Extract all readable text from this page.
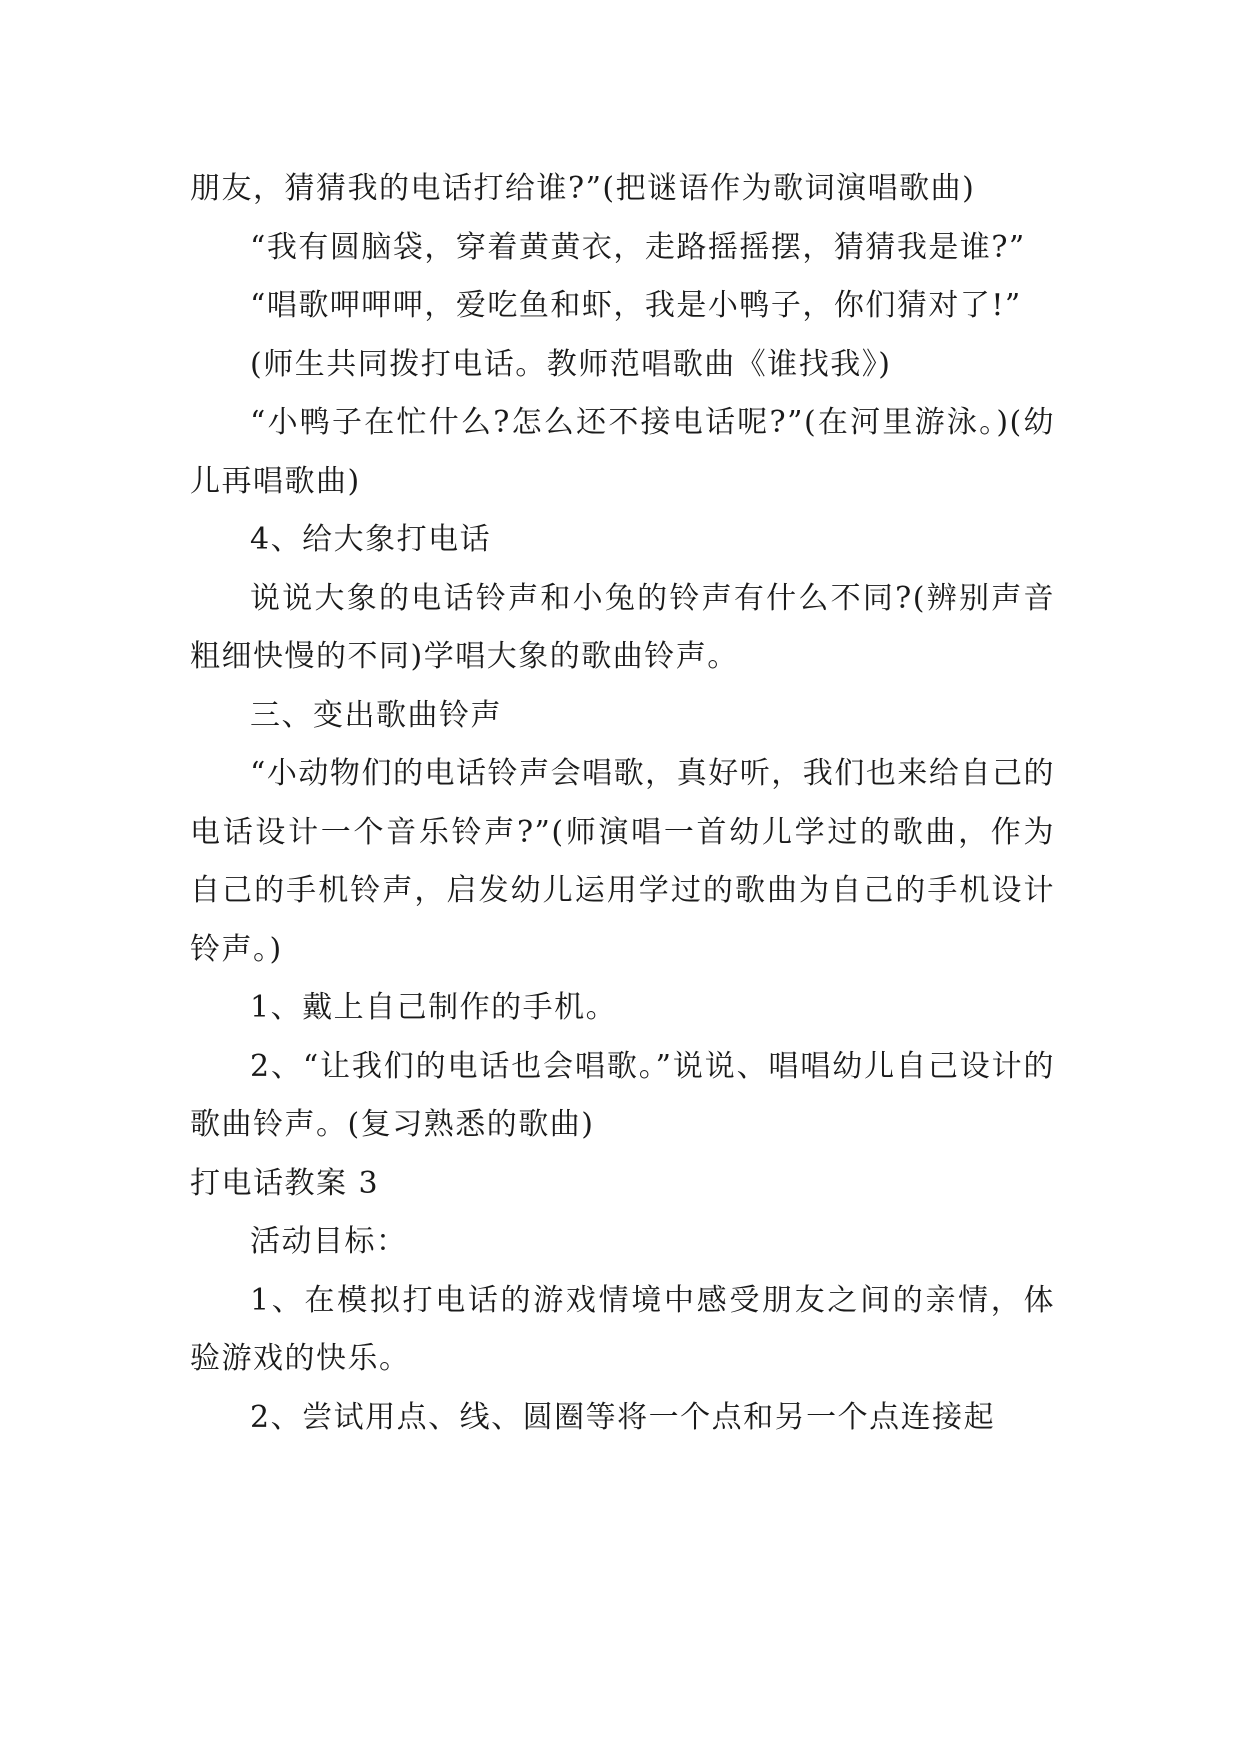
朋友，猜猜我的电话打给谁?”(把谜语作为歌词演唱歌曲)

“我有圆脑袋，穿着黄黄衣，走路摇摇摆，猜猜我是谁?”

“唱歌呷呷呷，爱吃鱼和虾，我是小鸭子，你们猜对了!”

(师生共同拨打电话。教师范唱歌曲《谁找我》)

“小鸭子在忙什么?怎么还不接电话呢?”(在河里游泳。)(幼儿再唱歌曲)

4、给大象打电话

说说大象的电话铃声和小兔的铃声有什么不同?(辨别声音粗细快慢的不同)学唱大象的歌曲铃声。

三、变出歌曲铃声

“小动物们的电话铃声会唱歌，真好听，我们也来给自己的电话设计一个音乐铃声?”(师演唱一首幼儿学过的歌曲，作为自己的手机铃声，启发幼儿运用学过的歌曲为自己的手机设计铃声。)

1、戴上自己制作的手机。

2、“让我们的电话也会唱歌。”说说、唱唱幼儿自己设计的歌曲铃声。(复习熟悉的歌曲)

打电话教案 3

活动目标：

1、在模拟打电话的游戏情境中感受朋友之间的亲情，体验游戏的快乐。

2、尝试用点、线、圆圈等将一个点和另一个点连接起
